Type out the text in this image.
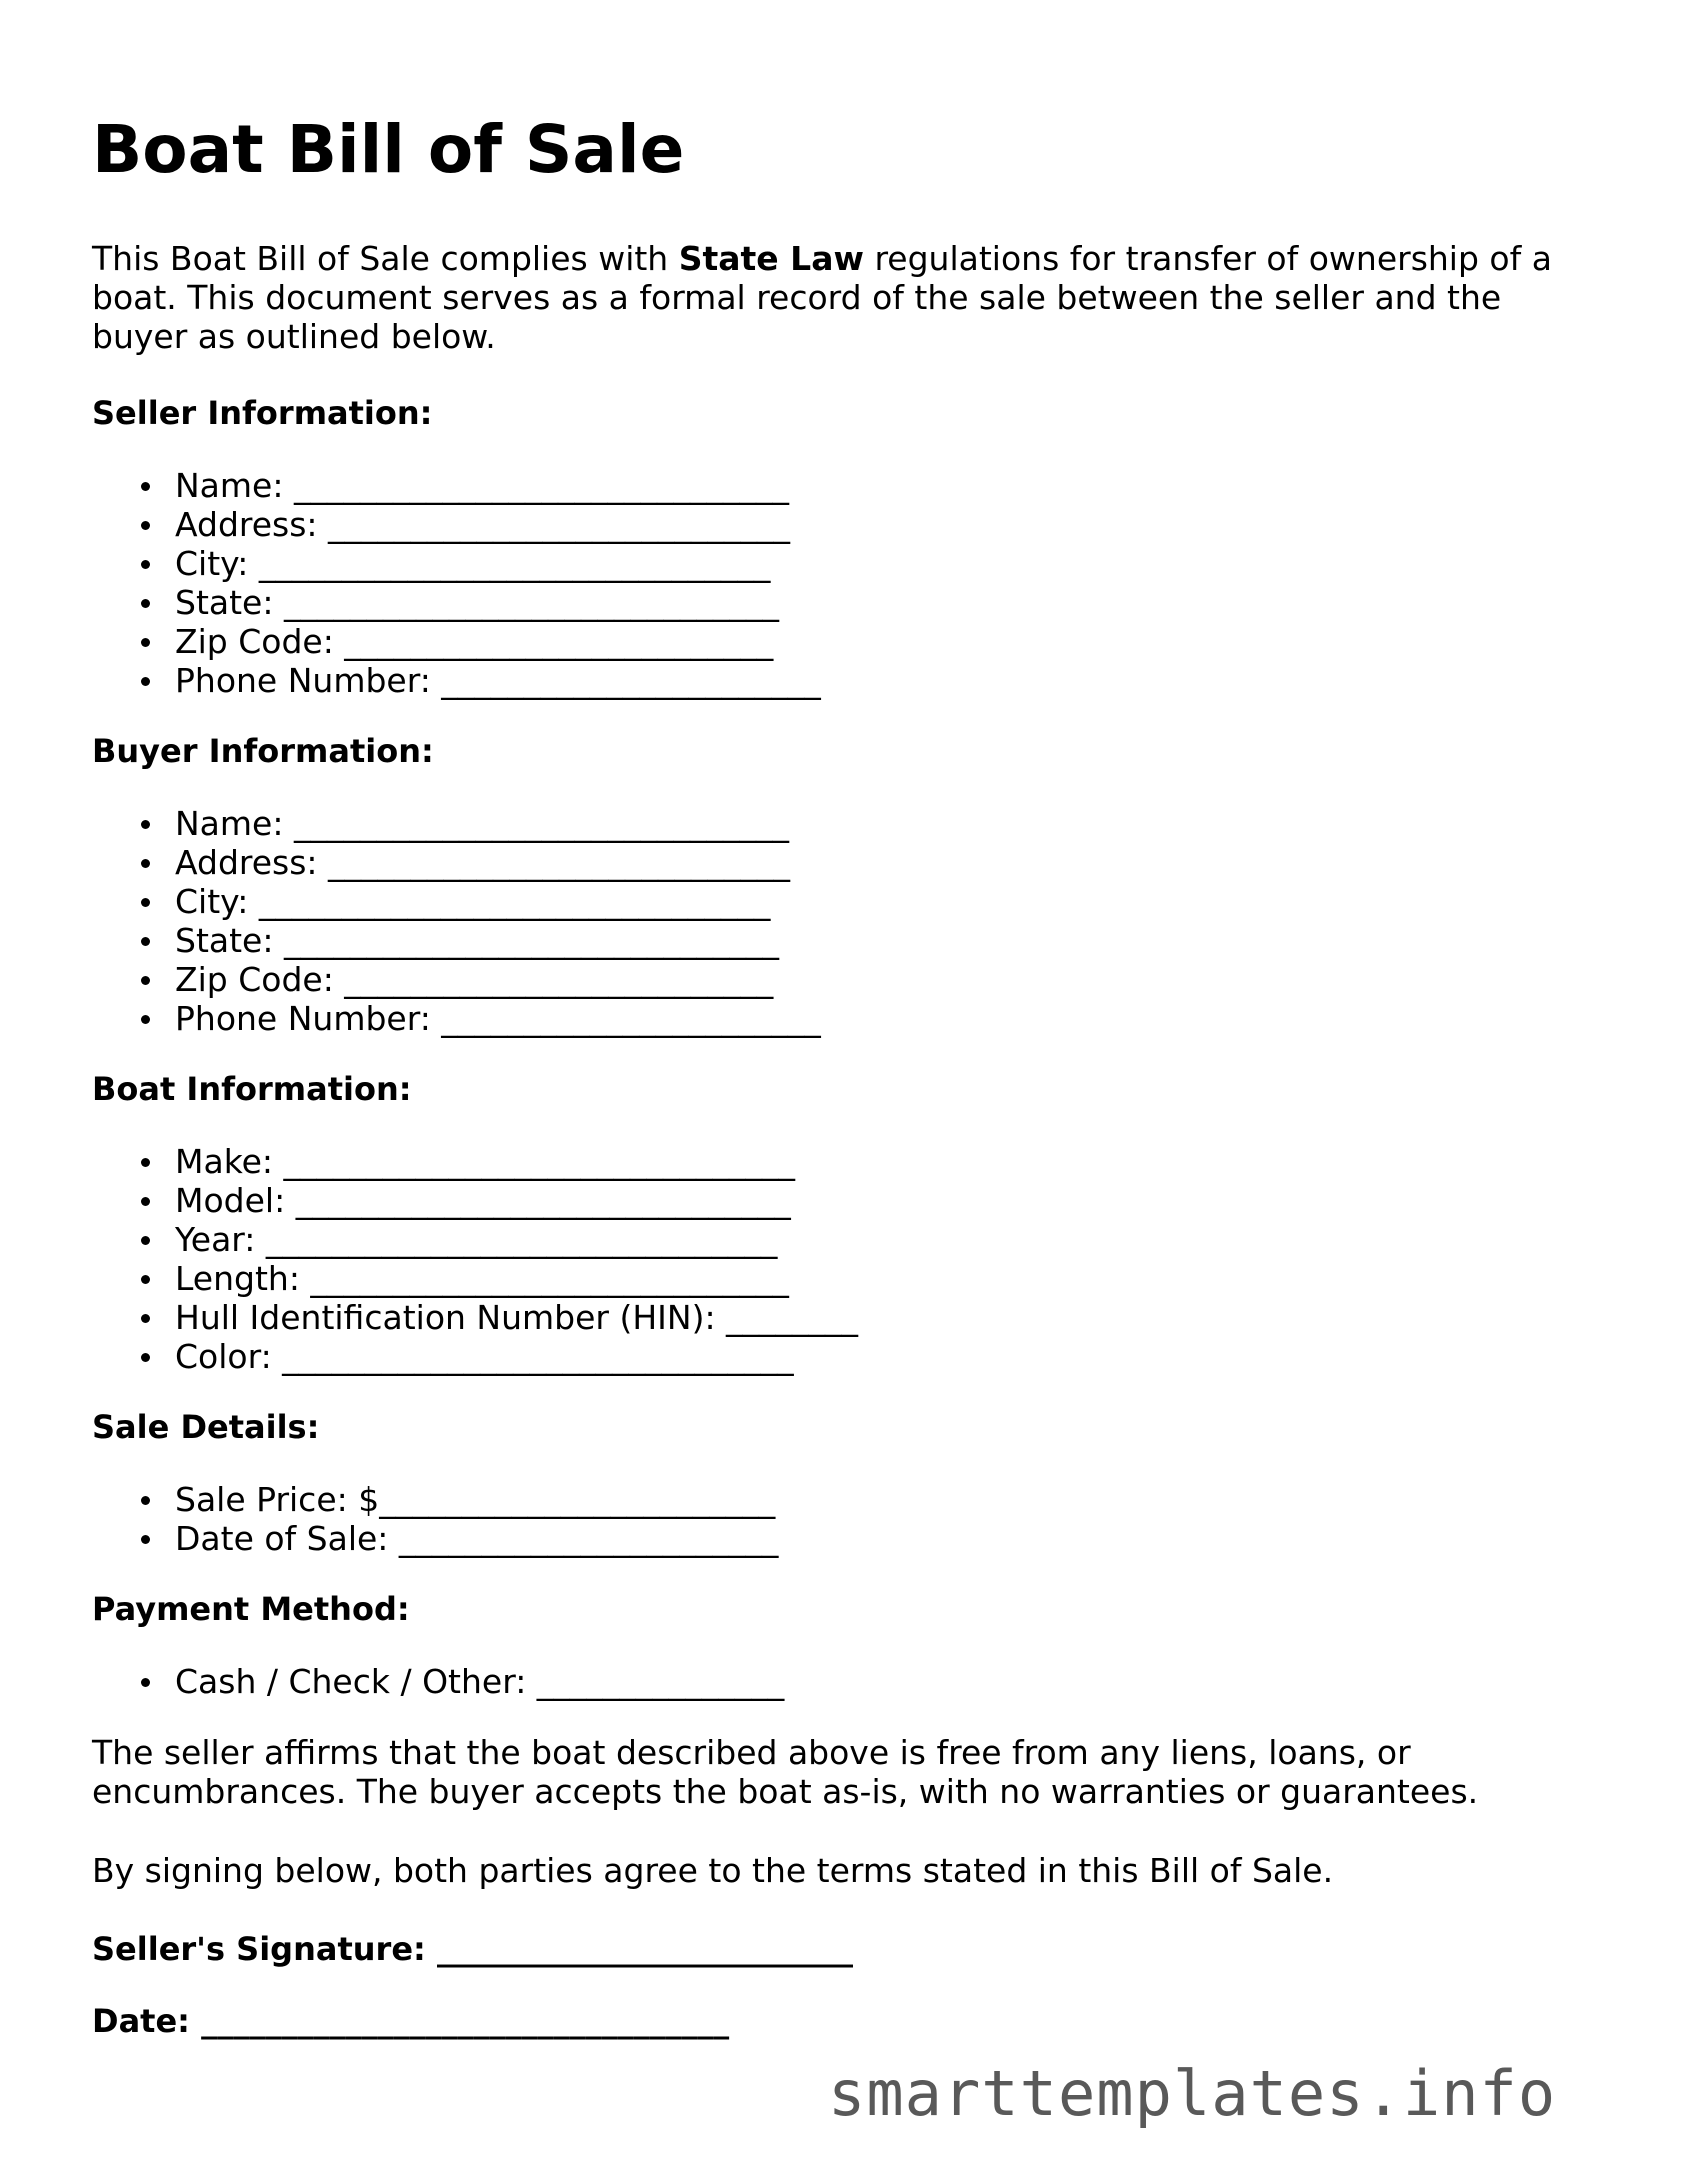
Boat Bill of Sale

This Boat Bill of Sale complies with State Law regulations for transfer of ownership of a
boat. This document serves as a formal record of the sale between the seller and the
buyer as outlined below.

Seller Information:
Name: ______________________________
Address: ____________________________
City: _______________________________
State: ______________________________
Zip Code: __________________________
Phone Number: _______________________
Buyer Information:
Name: ______________________________
Address: ____________________________
City: _______________________________
State: ______________________________
Zip Code: __________________________
Phone Number: _______________________
Boat Information:
Make: _______________________________
Model: ______________________________
Year: _______________________________
Length: _____________________________
Hull Identification Number (HIN): ________
Color: _______________________________
Sale Details:
Sale Price: $________________________
Date of Sale: _______________________
Payment Method:
Cash / Check / Other: _______________

The seller affirms that the boat described above is free from any liens, loans, or
encumbrances. The buyer accepts the boat as-is, with no warranties or guarantees.

By signing below, both parties agree to the terms stated in this Bill of Sale.

Seller's Signature: __________________________
Date: _________________________________
smarttemplates.info
